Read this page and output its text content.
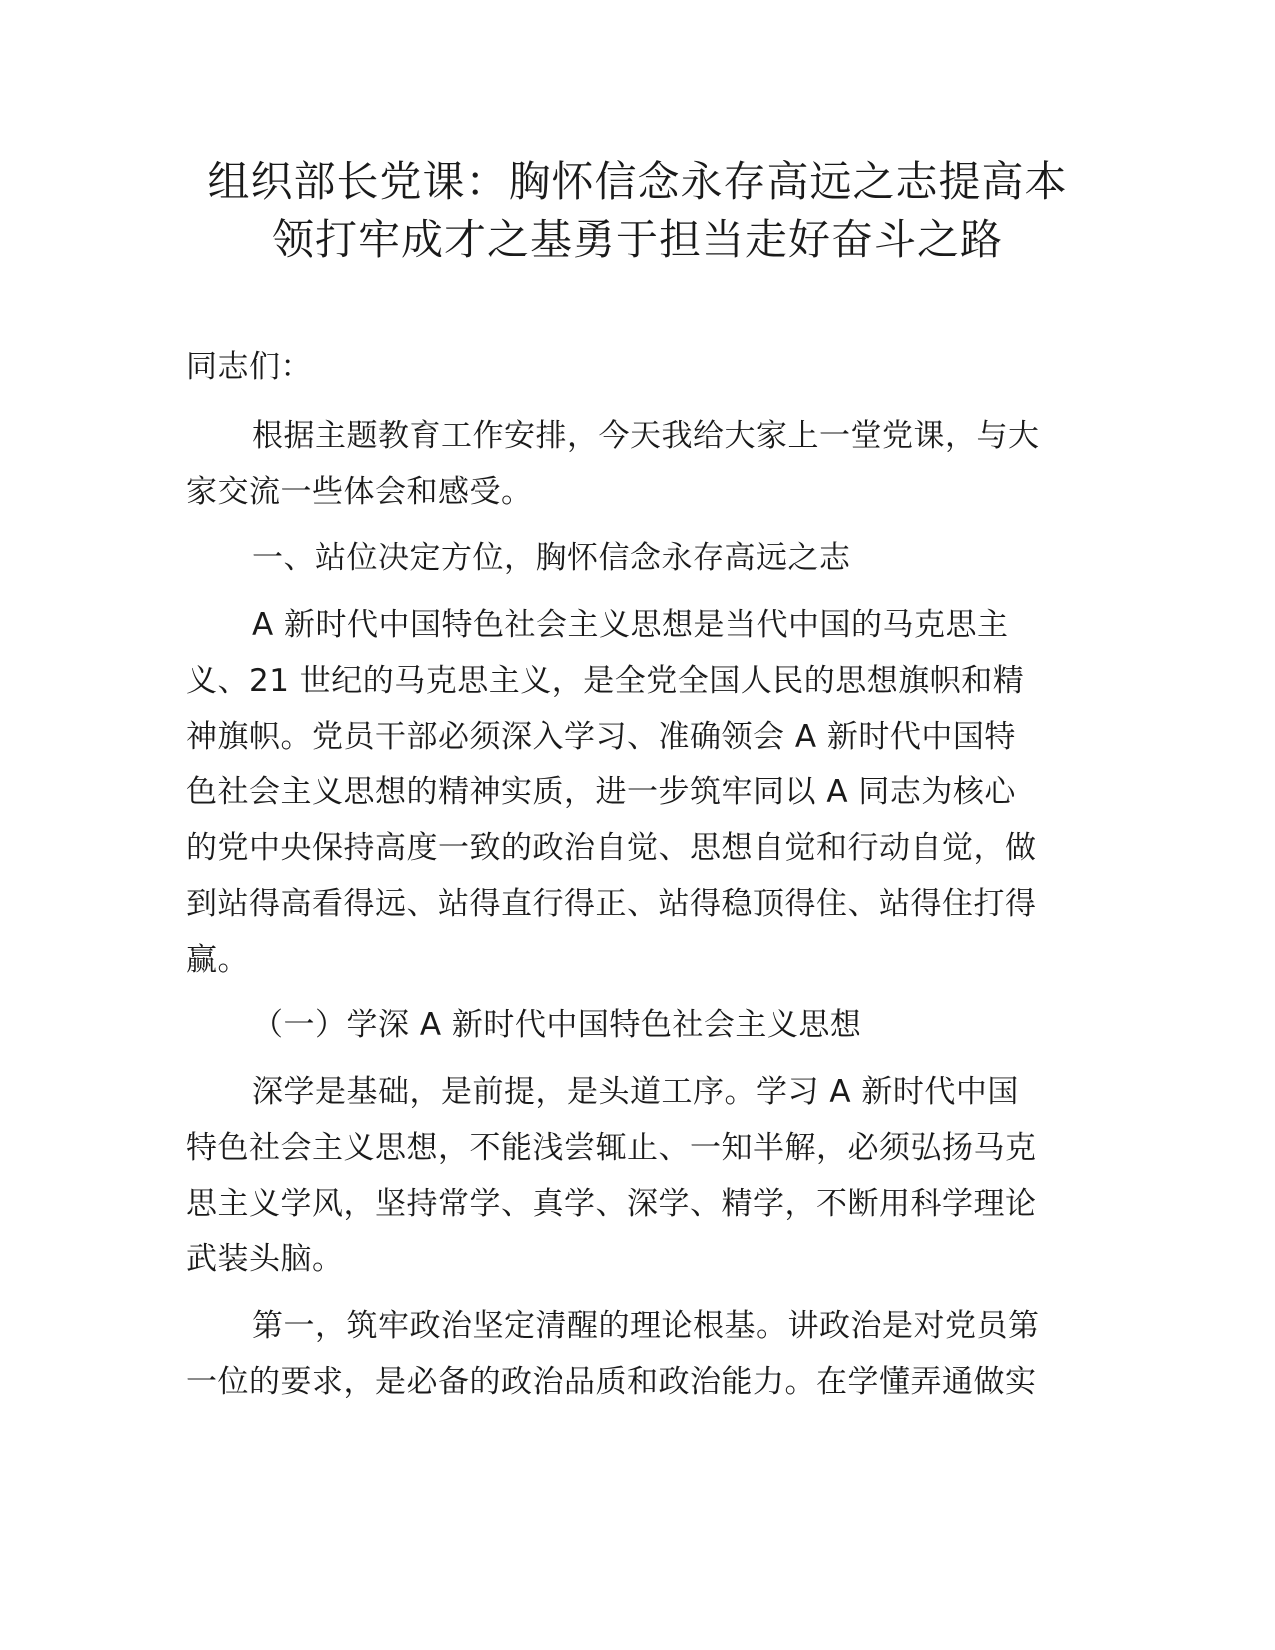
组织部长党课：胸怀信念永存高远之志提高本
领打牢成才之基勇于担当走好奋斗之路
同志们：
根据主题教育工作安排，今天我给大家上一堂党课，与大
家交流一些体会和感受。
一、站位决定方位，胸怀信念永存高远之志
A 新时代中国特色社会主义思想是当代中国的马克思主
义、21 世纪的马克思主义，是全党全国人民的思想旗帜和精
神旗帜。党员干部必须深入学习、准确领会 A 新时代中国特
色社会主义思想的精神实质，进一步筑牢同以 A 同志为核心
的党中央保持高度一致的政治自觉、思想自觉和行动自觉，做
到站得高看得远、站得直行得正、站得稳顶得住、站得住打得
赢。
（一）学深 A 新时代中国特色社会主义思想
深学是基础，是前提，是头道工序。学习 A 新时代中国
特色社会主义思想，不能浅尝辄止、一知半解，必须弘扬马克
思主义学风，坚持常学、真学、深学、精学，不断用科学理论
武装头脑。
第一，筑牢政治坚定清醒的理论根基。讲政治是对党员第
一位的要求，是必备的政治品质和政治能力。在学懂弄通做实
